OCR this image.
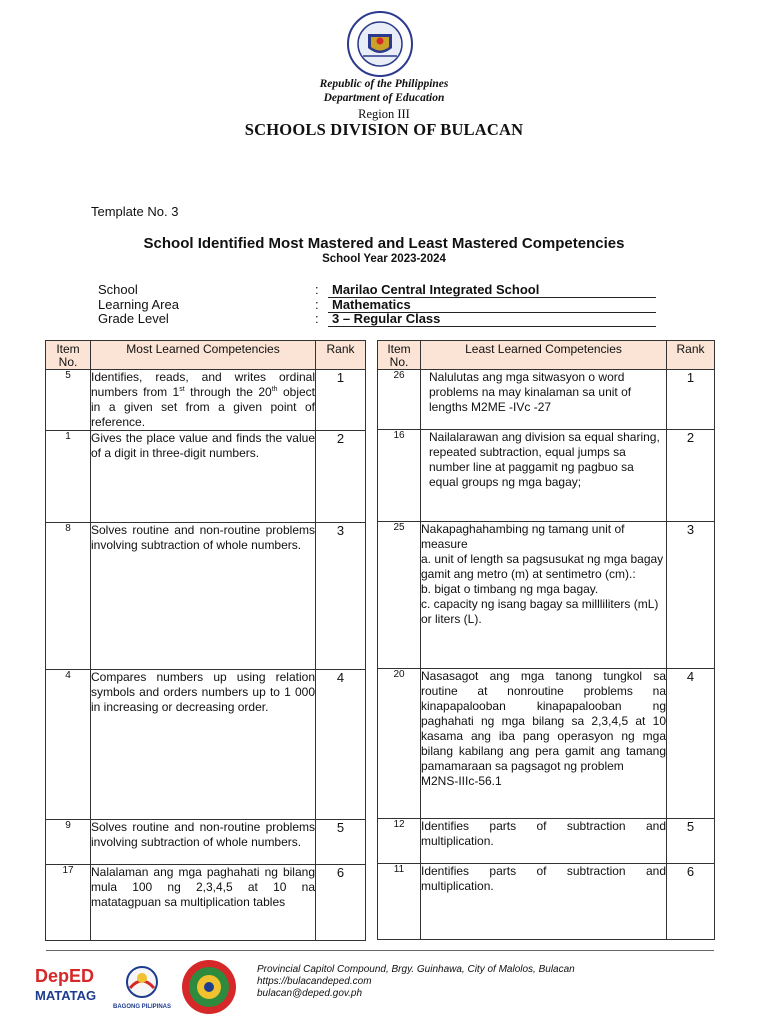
Republic of the Philippines
Department of Education
Region III
SCHOOLS DIVISION OF BULACAN
Template No. 3
School Identified Most Mastered and Least Mastered Competencies
School Year 2023-2024
School	:	Marilao Central Integrated School
Learning Area	:	Mathematics
Grade Level	:	3 – Regular Class
Item No.	Most Learned Competencies	Rank
5	Identifies, reads, and writes ordinal numbers from 1st through the 20th object in a given set from a given point of reference.	1
1	Gives the place value and finds the value of a digit in three-digit numbers.	2
8	Solves routine and non-routine problems involving subtraction of whole numbers.	3
4	Compares numbers up using relation symbols and orders numbers up to 1 000 in increasing or decreasing order.	4
9	Solves routine and non-routine problems involving subtraction of whole numbers.	5
17	Nalalaman ang mga paghahati ng bilang mula 100 ng 2,3,4,5 at 10 na matatagpuan sa multiplication tables	6
Item No.	Least Learned Competencies	Rank
26	Nalulutas ang mga sitwasyon o word problems na may kinalaman sa unit of lengths M2ME -IVc -27	1
16	Nailalarawan ang division sa equal sharing, repeated subtraction, equal jumps sa number line at paggamit ng pagbuo sa equal groups ng mga bagay;	2
25	Nakapaghahambing ng tamang unit of measure
a. unit of length sa pagsusukat ng mga bagay gamit ang metro (m) at sentimetro (cm).:
b. bigat o timbang ng mga bagay.
c. capacity ng isang bagay sa millliliters (mL) or liters (L).	3
20	Nasasagot ang mga tanong tungkol sa routine at nonroutine problems na kinapapalooban kinapapalooban ng paghahati ng mga bilang sa 2,3,4,5 at 10 kasama ang iba pang operasyon ng mga bilang kabilang ang pera gamit ang tamang pamamaraan sa pagsagot ng problem
M2NS-IIIc-56.1	4
12	Identifies parts of subtraction and multiplication.	5
11	Identifies parts of subtraction and multiplication.	6
DepED
MATATAG
BAGONG PILIPINAS
Provincial Capitol Compound, Brgy. Guinhawa, City of Malolos, Bulacan
https://bulacandeped.com
bulacan@deped.gov.ph
